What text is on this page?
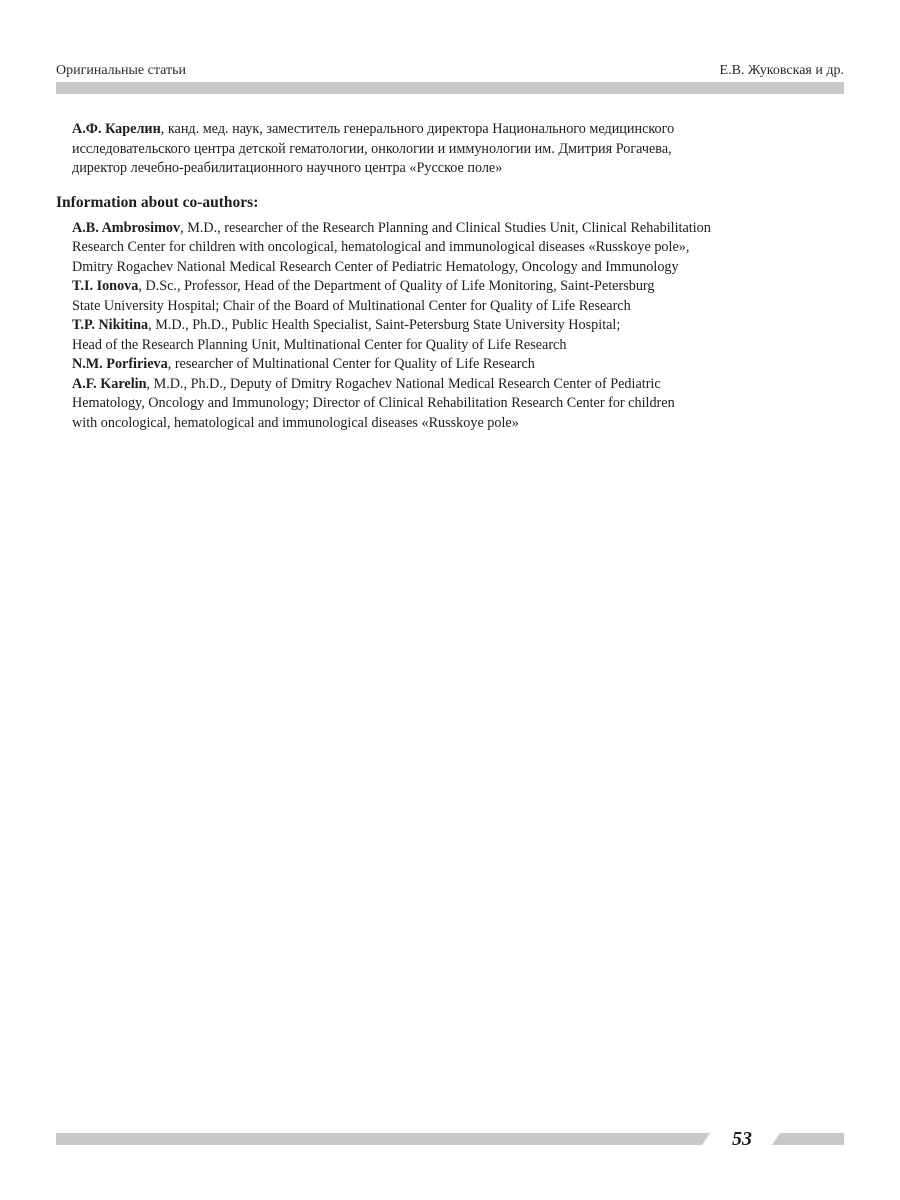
Оригинальные статьи	Е.В. Жуковская и др.
А.Ф. Карелин, канд. мед. наук, заместитель генерального директора Национального медицинского
исследовательского центра детской гематологии, онкологии и иммунологии им. Дмитрия Рогачева,
директор лечебно-реабилитационного научного центра «Русское поле»
Information about co-authors:
A.B. Ambrosimov, M.D., researcher of the Research Planning and Clinical Studies Unit, Clinical Rehabilitation
Research Center for children with oncological, hematological and immunological diseases «Russkoye pole»,
Dmitry Rogachev National Medical Research Center of Pediatric Hematology, Oncology and Immunology
T.I. Ionova, D.Sc., Professor, Head of the Department of Quality of Life Monitoring, Saint-Petersburg
State University Hospital; Chair of the Board of Multinational Center for Quality of Life Research
T.P. Nikitina, M.D., Ph.D., Public Health Specialist, Saint-Petersburg State University Hospital;
Head of the Research Planning Unit, Multinational Center for Quality of Life Research
N.M. Porfirieva, researcher of Multinational Center for Quality of Life Research
A.F. Karelin, M.D., Ph.D., Deputy of Dmitry Rogachev National Medical Research Center of Pediatric
Hematology, Oncology and Immunology; Director of Clinical Rehabilitation Research Center for children
with oncological, hematological and immunological diseases «Russkoye pole»
53
